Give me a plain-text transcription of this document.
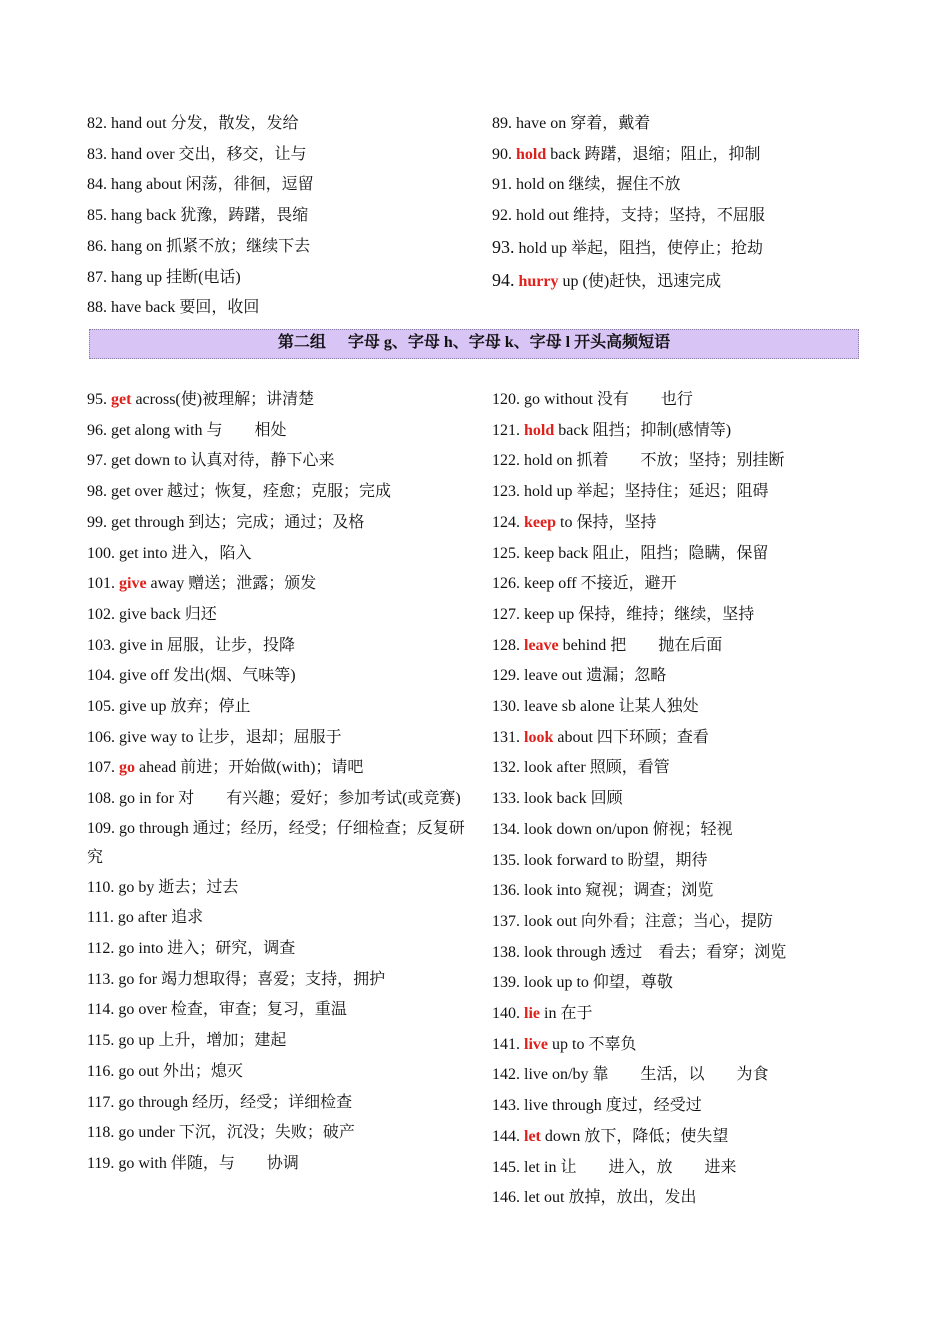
82. hand out 分发，散发，发给
83. hand over 交出，移交，让与
84. hang about 闲荡，徘徊，逗留
85. hang back 犹豫，踌躇，畏缩
86. hang on 抓紧不放；继续下去
87. hang up 挂断(电话)
88. have back 要回，收回
89. have on 穿着，戴着
90. hold back 踌躇，退缩；阻止，抑制
91. hold on 继续，握住不放
92. hold out 维持，支持；坚持，不屈服
93. hold up 举起，阻挡，使停止；抢劫
94. hurry up (使)赶快，迅速完成
第二组 字母 g、字母 h、字母 k、字母 l 开头高频短语
95. get across(使)被理解；讲清楚
96. get along with 与　　相处
97. get down to 认真对待，静下心来
98. get over 越过；恢复，痊愈；克服；完成
99. get through 到达；完成；通过；及格
100. get into 进入，陷入
101. give away 赠送；泄露；颁发
102. give back 归还
103. give in 屈服，让步，投降
104. give off 发出(烟、气味等)
105. give up 放弃；停止
106. give way to 让步，退却；屈服于
107. go ahead 前进；开始做(with)；请吧
108. go in for 对　　有兴趣；爱好；参加考试(或竞赛)
109. go through 通过；经历，经受；仔细检查；反复研究
110. go by 逝去；过去
111. go after 追求
112. go into 进入；研究，调查
113. go for 竭力想取得；喜爱；支持，拥护
114. go over 检查，审查；复习，重温
115. go up 上升，增加；建起
116. go out 外出；熄灭
117. go through 经历，经受；详细检查
118. go under 下沉，沉没；失败；破产
119. go with 伴随，与　　协调
120. go without 没有　　也行
121. hold back 阻挡；抑制(感情等)
122. hold on 抓着　　不放；坚持；别挂断
123. hold up 举起；坚持住；延迟；阻碍
124. keep to 保持，坚持
125. keep back 阻止，阻挡；隐瞒，保留
126. keep off 不接近，避开
127. keep up 保持，维持；继续，坚持
128. leave behind 把　　抛在后面
129. leave out 遗漏；忽略
130. leave sb alone 让某人独处
131. look about 四下环顾；查看
132. look after 照顾，看管
133. look back 回顾
134. look down on/upon 俯视；轻视
135. look forward to 盼望，期待
136. look into 窥视；调查；浏览
137. look out 向外看；注意；当心，提防
138. look through 透过　看去；看穿；浏览
139. look up to 仰望，尊敬
140. lie in 在于
141. live up to 不辜负
142. live on/by 靠　　生活，以　　为食
143. live through 度过，经受过
144. let down 放下，降低；使失望
145. let in 让　　进入，放　　进来
146. let out 放掉，放出，发出
